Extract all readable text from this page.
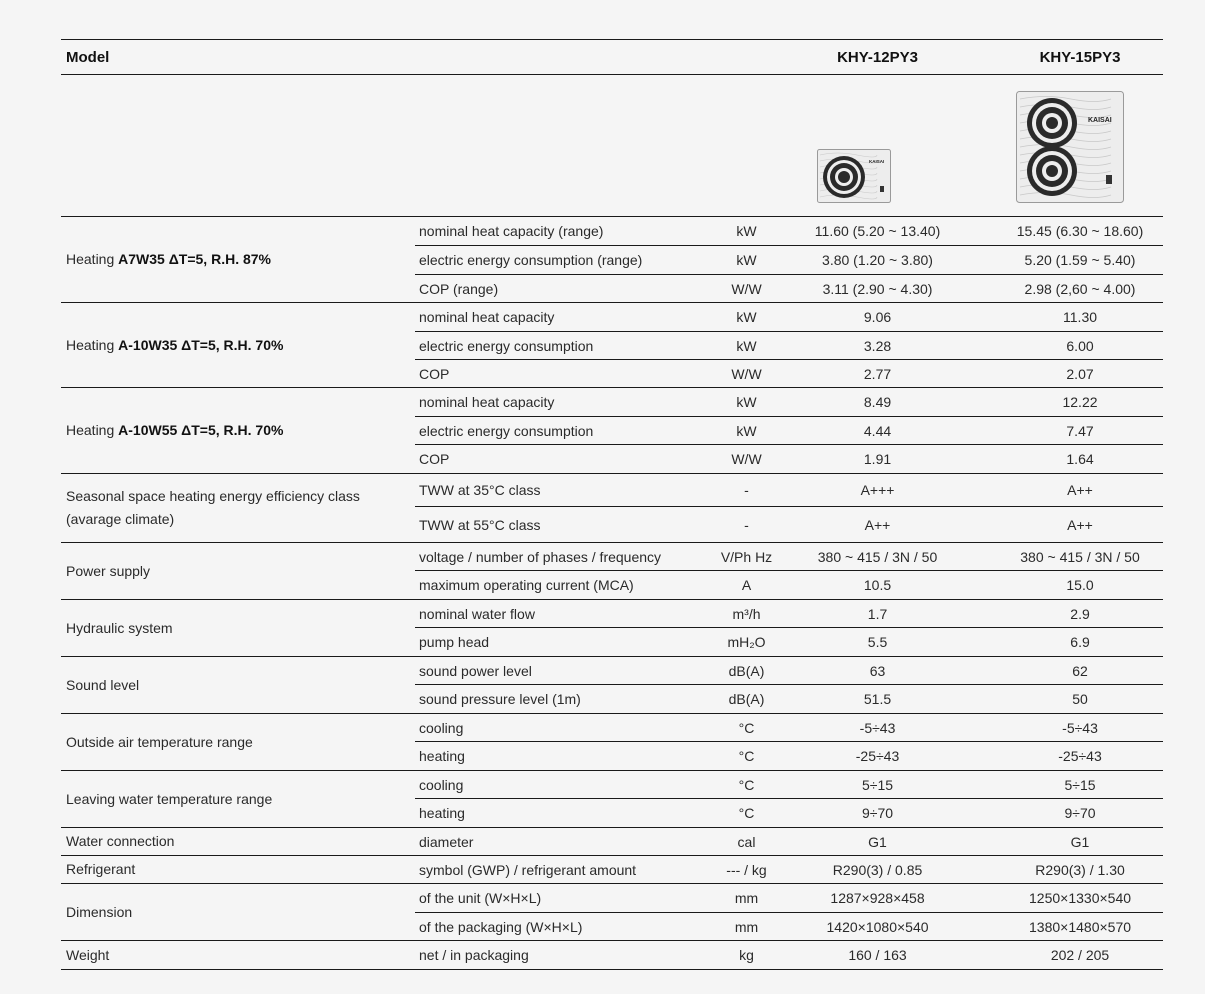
Model			KHY-12PY3	KHY-15PY3

KAISAI	KAISAI

Heating A7W35 ΔT=5, R.H. 87%	nominal heat capacity (range)	kW	11.60 (5.20 ~ 13.40)	15.45 (6.30 ~ 18.60)
	electric energy consumption (range)	kW	3.80 (1.20 ~ 3.80)	5.20 (1.59 ~ 5.40)
	COP (range)	W/W	3.11 (2.90 ~ 4.30)	2.98 (2,60 ~ 4.00)
Heating A-10W35 ΔT=5, R.H. 70%	nominal heat capacity	kW	9.06	11.30
	electric energy consumption	kW	3.28	6.00
	COP	W/W	2.77	2.07
Heating A-10W55 ΔT=5, R.H. 70%	nominal heat capacity	kW	8.49	12.22
	electric energy consumption	kW	4.44	7.47
	COP	W/W	1.91	1.64
Seasonal space heating energy efficiency class (avarage climate)	TWW at 35°C class	-	A+++	A++
	TWW at 55°C class	-	A++	A++
Power supply	voltage / number of phases / frequency	V/Ph Hz	380 ~ 415 / 3N / 50	380 ~ 415 / 3N / 50
	maximum operating current (MCA)	A	10.5	15.0
Hydraulic system	nominal water flow	m³/h	1.7	2.9
	pump head	mH₂O	5.5	6.9
Sound level	sound power level	dB(A)	63	62
	sound pressure level (1m)	dB(A)	51.5	50
Outside air temperature range	cooling	°C	-5÷43	-5÷43
	heating	°C	-25÷43	-25÷43
Leaving water temperature range	cooling	°C	5÷15	5÷15
	heating	°C	9÷70	9÷70
Water connection	diameter	cal	G1	G1
Refrigerant	symbol (GWP) / refrigerant amount	--- / kg	R290(3) / 0.85	R290(3) / 1.30
Dimension	of the unit (W×H×L)	mm	1287×928×458	1250×1330×540
	of the packaging (W×H×L)	mm	1420×1080×540	1380×1480×570
Weight	net / in packaging	kg	160 / 163	202 / 205
